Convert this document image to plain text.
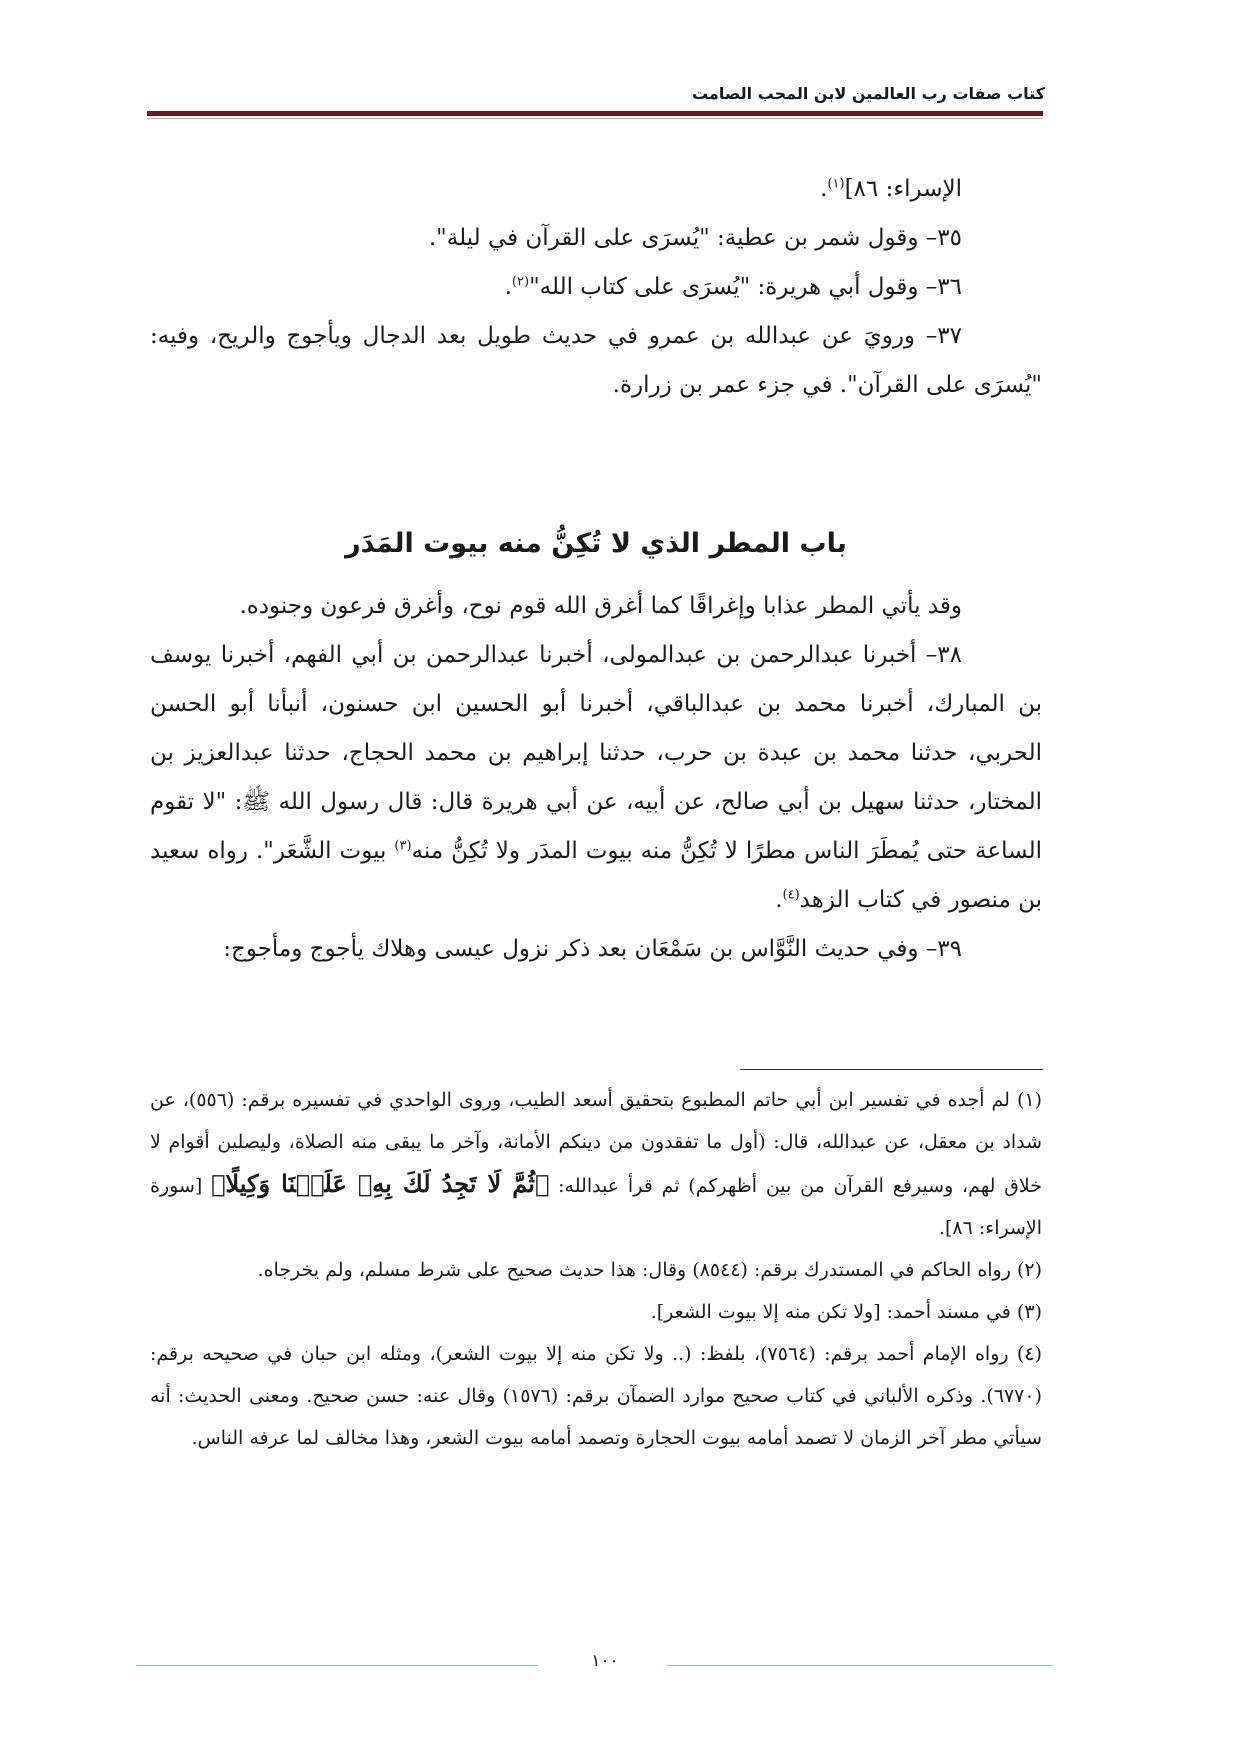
كتاب صفات رب العالمين لابن المحب الصامت

الإسراء: ٨٦]$^{(١)}$.

٣٥– وقول شمر بن عطية: "يُسرَى على القرآن في ليلة".

٣٦– وقول أبي هريرة: "يُسرَى على كتاب الله"$^{(٢)}$.

٣٧– ورويَ عن عبدالله بن عمرو في حديث طويل بعد الدجال ويأجوج والريح، وفيه: "يُسرَى على القرآن". في جزء عمر بن زرارة.

باب المطر الذي لا تُكِنُّ منه بيوت المَدَر

وقد يأتي المطر عذابا وإغراقًا كما أغرق الله قوم نوح، وأغرق فرعون وجنوده.

٣٨– أخبرنا عبدالرحمن بن عبدالمولى، أخبرنا عبدالرحمن بن أبي الفهم، أخبرنا يوسف بن المبارك، أخبرنا محمد بن عبدالباقي، أخبرنا أبو الحسين ابن حسنون، أنبأنا أبو الحسن الحربي، حدثنا محمد بن عبدة بن حرب، حدثنا إبراهيم بن محمد الحجاج، حدثنا عبدالعزيز بن المختار، حدثنا سهيل بن أبي صالح، عن أبيه، عن أبي هريرة قال: قال رسول الله ﷺ: "لا تقوم الساعة حتى يُمطَرَ الناس مطرًا لا تُكِنُّ منه بيوت المدَر ولا تُكِنُّ منه$^{(٣)}$ بيوت الشَّعَر". رواه سعيد بن منصور في كتاب الزهد$^{(٤)}$.

٣٩– وفي حديث النَّوَّاس بن سَمْعَان بعد ذكر نزول عيسى وهلاك يأجوج ومأجوج:

(١) لم أجده في تفسير ابن أبي حاتم المطبوع بتحقيق أسعد الطيب، وروى الواحدي في تفسيره برقم: (٥٥٦)، عن شداد بن معقل، عن عبدالله، قال: (أول ما تفقدون من دينكم الأمانة، وآخر ما يبقى منه الصلاة، وليصلين أقوام لا خلاق لهم، وسيرفع القرآن من بين أظهركم) ثم قرأ عبدالله: ﴿ثُمَّ لَا تَجِدُ لَكَ بِهِۦ عَلَيۡنَا وَكِيلًا﴾ [سورة الإسراء: ٨٦].

(٢) رواه الحاكم في المستدرك برقم: (٨٥٤٤) وقال: هذا حديث صحيح على شرط مسلم، ولم يخرجاه.

(٣) في مسند أحمد: [ولا تكن منه إلا بيوت الشعر].

(٤) رواه الإمام أحمد برقم: (٧٥٦٤)، بلفظ: (.. ولا تكن منه إلا بيوت الشعر)، ومثله ابن حبان في صحيحه برقم: (٦٧٧٠). وذكره الألباني في كتاب صحيح موارد الضمآن برقم: (١٥٧٦) وقال عنه: حسن صحيح. ومعنى الحديث: أنه سيأتي مطر آخر الزمان لا تصمد أمامه بيوت الحجارة وتصمد أمامه بيوت الشعر، وهذا مخالف لما عرفه الناس.

١٠٠
